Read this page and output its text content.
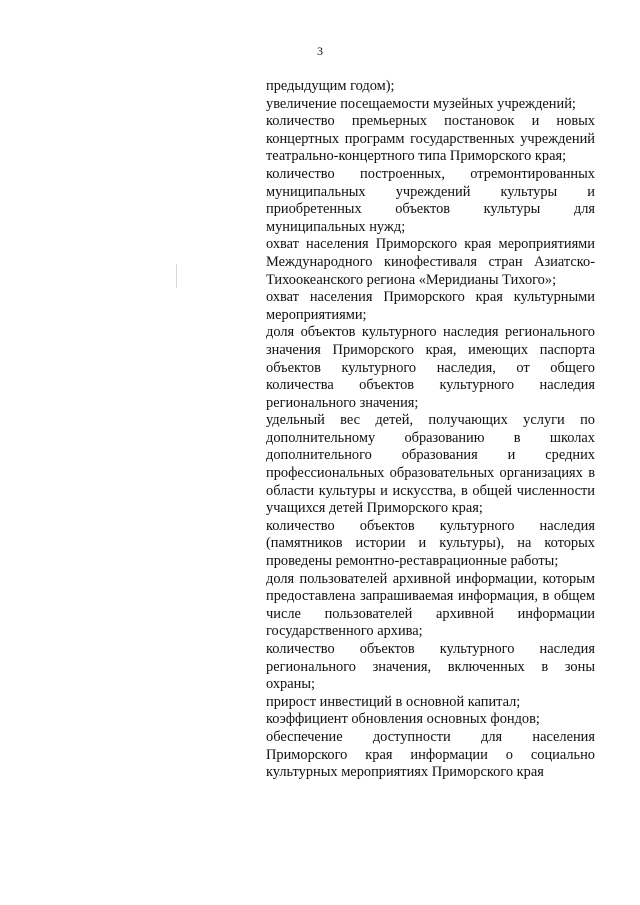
3

предыдущим годом);

увеличение посещаемости музейных учреждений;

количество премьерных постановок и новых концертных программ государственных учреждений театрально-концертного типа Приморского края;

количество построенных, отремонтированных муниципальных учреждений культуры и приобретенных объектов культуры для муниципальных нужд;

охват населения Приморского края мероприятиями Международного кинофестиваля стран Азиатско-Тихоокеанского региона «Меридианы Тихого»;

охват населения Приморского края культурными мероприятиями;

доля объектов культурного наследия регионального значения Приморского края, имеющих паспорта объектов культурного наследия, от общего количества объектов культурного наследия регионального значения;

удельный вес детей, получающих услуги по дополнительному образованию в школах дополнительного образования и средних профессиональных образовательных организациях в области культуры и искусства, в общей численности учащихся детей Приморского края;

количество объектов культурного наследия (памятников истории и культуры), на которых проведены ремонтно-реставрационные работы;

доля пользователей архивной информации, которым предоставлена запрашиваемая информация, в общем числе пользователей архивной информации государственного архива;

количество объектов культурного наследия регионального значения, включенных в зоны охраны;

прирост инвестиций в основной капитал;

коэффициент обновления основных фондов;

обеспечение доступности для населения Приморского края информации о социально культурных мероприятиях Приморского края
